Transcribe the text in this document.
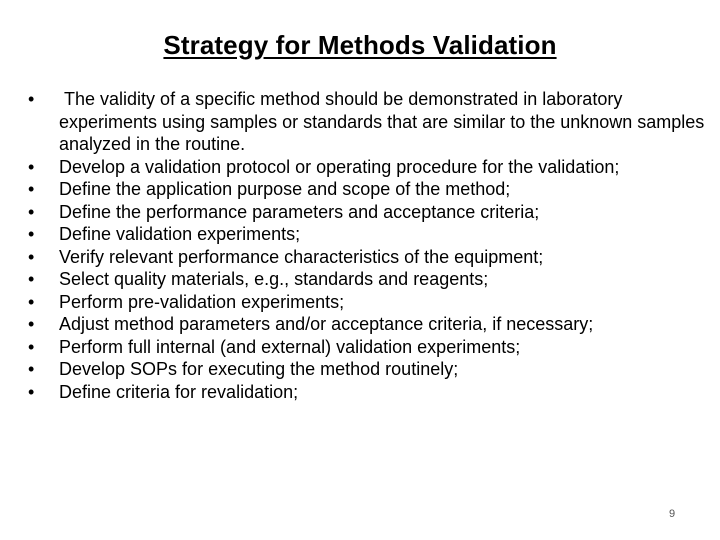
Strategy for Methods Validation
•	The validity of a specific method should be demonstrated in laboratory experiments using samples or standards that are similar to the unknown samples analyzed in the routine.
•	Develop a validation protocol or operating procedure for the validation;
•	Define the application purpose and scope of the method;
•	Define the performance parameters and acceptance criteria;
•	Define validation experiments;
•	Verify relevant performance characteristics of the equipment;
•	Select quality materials, e.g., standards and reagents;
•	Perform pre-validation experiments;
•	Adjust method parameters and/or acceptance criteria, if necessary;
•	Perform full internal (and external) validation experiments;
•	Develop SOPs for executing the method routinely;
•	Define criteria for revalidation;
9
